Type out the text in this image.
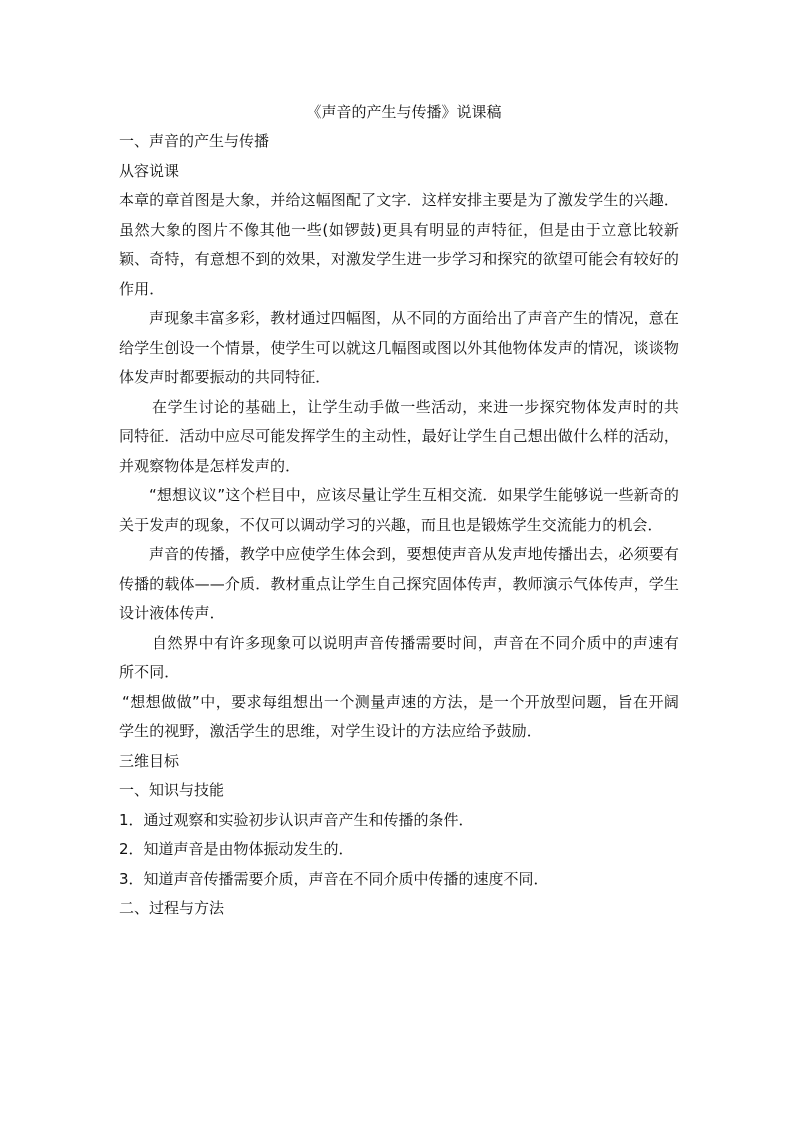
《声音的产生与传播》说课稿

一、声音的产生与传播

从容说课

本章的章首图是大象，并给这幅图配了文字．这样安排主要是为了激发学生的兴趣．虽然大象的图片不像其他一些(如锣鼓)更具有明显的声特征，但是由于立意比较新颖、奇特，有意想不到的效果，对激发学生进一步学习和探究的欲望可能会有较好的作用．

声现象丰富多彩，教材通过四幅图，从不同的方面给出了声音产生的情况，意在给学生创设一个情景，使学生可以就这几幅图或图以外其他物体发声的情况，谈谈物体发声时都要振动的共同特征．

在学生讨论的基础上，让学生动手做一些活动，来进一步探究物体发声时的共同特征．活动中应尽可能发挥学生的主动性，最好让学生自己想出做什么样的活动，并观察物体是怎样发声的．

“想想议议”这个栏目中，应该尽量让学生互相交流．如果学生能够说一些新奇的关于发声的现象，不仅可以调动学习的兴趣，而且也是锻炼学生交流能力的机会．

声音的传播，教学中应使学生体会到，要想使声音从发声地传播出去，必须要有传播的载体——介质．教材重点让学生自己探究固体传声，教师演示气体传声，学生设计液体传声．

自然界中有许多现象可以说明声音传播需要时间，声音在不同介质中的声速有所不同．

“想想做做”中，要求每组想出一个测量声速的方法，是一个开放型问题，旨在开阔学生的视野，激活学生的思维，对学生设计的方法应给予鼓励．

三维目标

一、知识与技能

1．通过观察和实验初步认识声音产生和传播的条件．

2．知道声音是由物体振动发生的．

3．知道声音传播需要介质，声音在不同介质中传播的速度不同．

二、过程与方法
